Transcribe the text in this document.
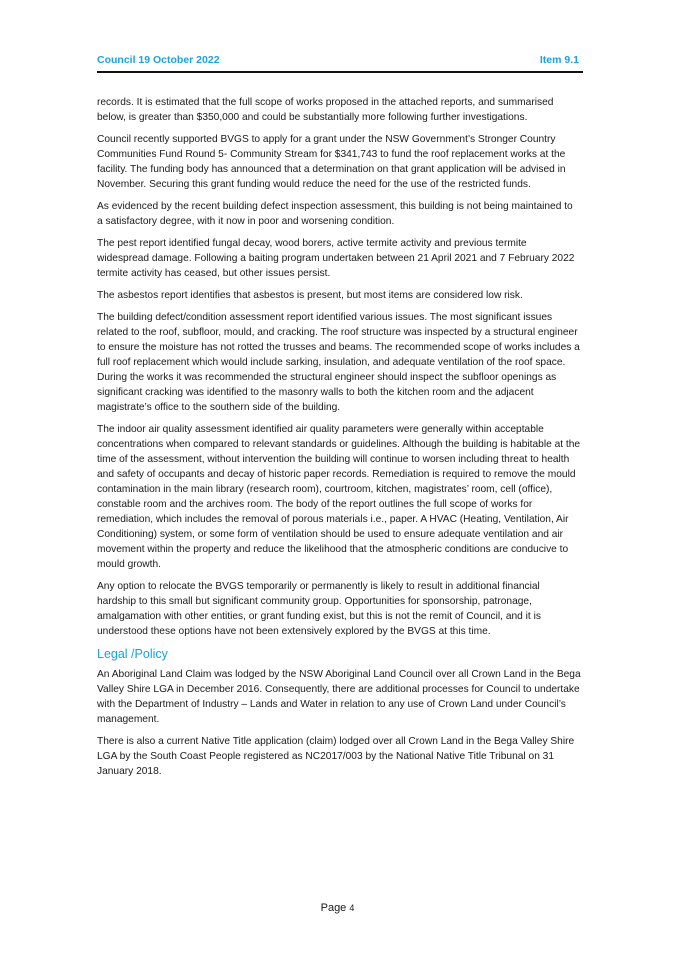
Council 19 October 2022	Item 9.1

records. It is estimated that the full scope of works proposed in the attached reports, and summarised below, is greater than $350,000 and could be substantially more following further investigations.

Council recently supported BVGS to apply for a grant under the NSW Government’s Stronger Country Communities Fund Round 5- Community Stream for $341,743 to fund the roof replacement works at the facility. The funding body has announced that a determination on that grant application will be advised in November. Securing this grant funding would reduce the need for the use of the restricted funds.

As evidenced by the recent building defect inspection assessment, this building is not being maintained to a satisfactory degree, with it now in poor and worsening condition.

The pest report identified fungal decay, wood borers, active termite activity and previous termite widespread damage. Following a baiting program undertaken between 21 April 2021 and 7 February 2022 termite activity has ceased, but other issues persist.

The asbestos report identifies that asbestos is present, but most items are considered low risk.

The building defect/condition assessment report identified various issues. The most significant issues related to the roof, subfloor, mould, and cracking. The roof structure was inspected by a structural engineer to ensure the moisture has not rotted the trusses and beams. The recommended scope of works includes a full roof replacement which would include sarking, insulation, and adequate ventilation of the roof space. During the works it was recommended the structural engineer should inspect the subfloor openings as significant cracking was identified to the masonry walls to both the kitchen room and the adjacent magistrate’s office to the southern side of the building.

The indoor air quality assessment identified air quality parameters were generally within acceptable concentrations when compared to relevant standards or guidelines. Although the building is habitable at the time of the assessment, without intervention the building will continue to worsen including threat to health and safety of occupants and decay of historic paper records. Remediation is required to remove the mould contamination in the main library (research room), courtroom, kitchen, magistrates’ room, cell (office), constable room and the archives room. The body of the report outlines the full scope of works for remediation, which includes the removal of porous materials i.e., paper. A HVAC (Heating, Ventilation, Air Conditioning) system, or some form of ventilation should be used to ensure adequate ventilation and air movement within the property and reduce the likelihood that the atmospheric conditions are conducive to mould growth.

Any option to relocate the BVGS temporarily or permanently is likely to result in additional financial hardship to this small but significant community group. Opportunities for sponsorship, patronage, amalgamation with other entities, or grant funding exist, but this is not the remit of Council, and it is understood these options have not been extensively explored by the BVGS at this time.

Legal /Policy

An Aboriginal Land Claim was lodged by the NSW Aboriginal Land Council over all Crown Land in the Bega Valley Shire LGA in December 2016. Consequently, there are additional processes for Council to undertake with the Department of Industry – Lands and Water in relation to any use of Crown Land under Council’s management.

There is also a current Native Title application (claim) lodged over all Crown Land in the Bega Valley Shire LGA by the South Coast People registered as NC2017/003 by the National Native Title Tribunal on 31 January 2018.

Page 4
